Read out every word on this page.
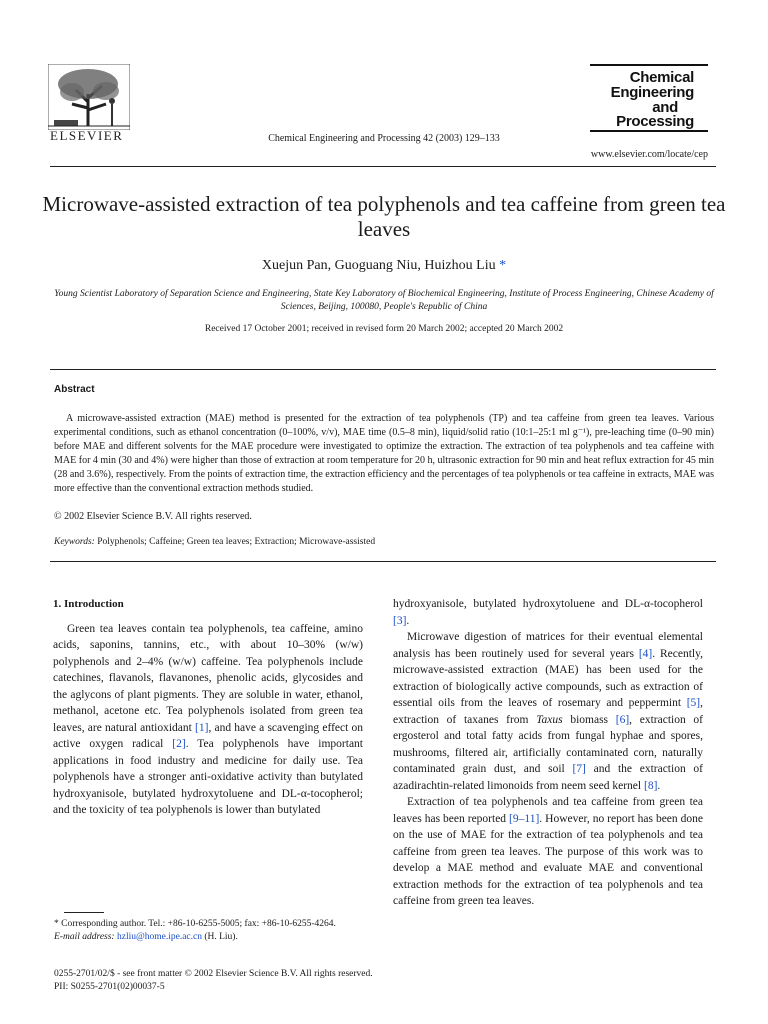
ELSEVIER	Chemical Engineering and Processing 42 (2003) 129–133
Chemical
Engineering
and
Processing
www.elsevier.com/locate/cep
Microwave-assisted extraction of tea polyphenols and tea caffeine from green tea leaves
Xuejun Pan, Guoguang Niu, Huizhou Liu *
Young Scientist Laboratory of Separation Science and Engineering, State Key Laboratory of Biochemical Engineering, Institute of Process Engineering, Chinese Academy of Sciences, Beijing, 100080, People's Republic of China
Received 17 October 2001; received in revised form 20 March 2002; accepted 20 March 2002
Abstract
A microwave-assisted extraction (MAE) method is presented for the extraction of tea polyphenols (TP) and tea caffeine from green tea leaves. Various experimental conditions, such as ethanol concentration (0–100%, v/v), MAE time (0.5–8 min), liquid/solid ratio (10:1–25:1 ml g⁻¹), pre-leaching time (0–90 min) before MAE and different solvents for the MAE procedure were investigated to optimize the extraction. The extraction of tea polyphenols and tea caffeine with MAE for 4 min (30 and 4%) were higher than those of extraction at room temperature for 20 h, ultrasonic extraction for 90 min and heat reflux extraction for 45 min (28 and 3.6%), respectively. From the points of extraction time, the extraction efficiency and the percentages of tea polyphenols or tea caffeine in extracts, MAE was more effective than the conventional extraction methods studied.
© 2002 Elsevier Science B.V. All rights reserved.
Keywords: Polyphenols; Caffeine; Green tea leaves; Extraction; Microwave-assisted
1. Introduction
Green tea leaves contain tea polyphenols, tea caffeine, amino acids, saponins, tannins, etc., with about 10–30% (w/w) polyphenols and 2–4% (w/w) caffeine. Tea polyphenols include catechines, flavanols, flavanones, phenolic acids, glycosides and the aglycons of plant pigments. They are soluble in water, ethanol, methanol, acetone etc. Tea polyphenols isolated from green tea leaves, are natural antioxidant [1], and have a scavenging effect on active oxygen radical [2]. Tea polyphenols have important applications in food industry and medicine for daily use. Tea polyphenols have a stronger anti-oxidative activity than butylated hydroxyanisole, butylated hydroxytoluene and DL-α-tocopherol; and the toxicity of tea polyphenols is lower than butylated
hydroxyanisole, butylated hydroxytoluene and DL-α-tocopherol [3].
Microwave digestion of matrices for their eventual elemental analysis has been routinely used for several years [4]. Recently, microwave-assisted extraction (MAE) has been used for the extraction of biologically active compounds, such as extraction of essential oils from the leaves of rosemary and peppermint [5], extraction of taxanes from Taxus biomass [6], extraction of ergosterol and total fatty acids from fungal hyphae and spores, mushrooms, filtered air, artificially contaminated corn, naturally contaminated grain dust, and soil [7] and the extraction of azadirachtin-related limonoids from neem seed kernel [8].
Extraction of tea polyphenols and tea caffeine from green tea leaves has been reported [9–11]. However, no report has been done on the use of MAE for the extraction of tea polyphenols and tea caffeine from green tea leaves. The purpose of this work was to develop a MAE method and evaluate MAE and conventional extraction methods for the extraction of tea polyphenols and tea caffeine from green tea leaves.
* Corresponding author. Tel.: +86-10-6255-5005; fax: +86-10-6255-4264.
E-mail address: hzliu@home.ipe.ac.cn (H. Liu).
0255-2701/02/$ - see front matter © 2002 Elsevier Science B.V. All rights reserved.
PII: S0255-2701(02)00037-5
